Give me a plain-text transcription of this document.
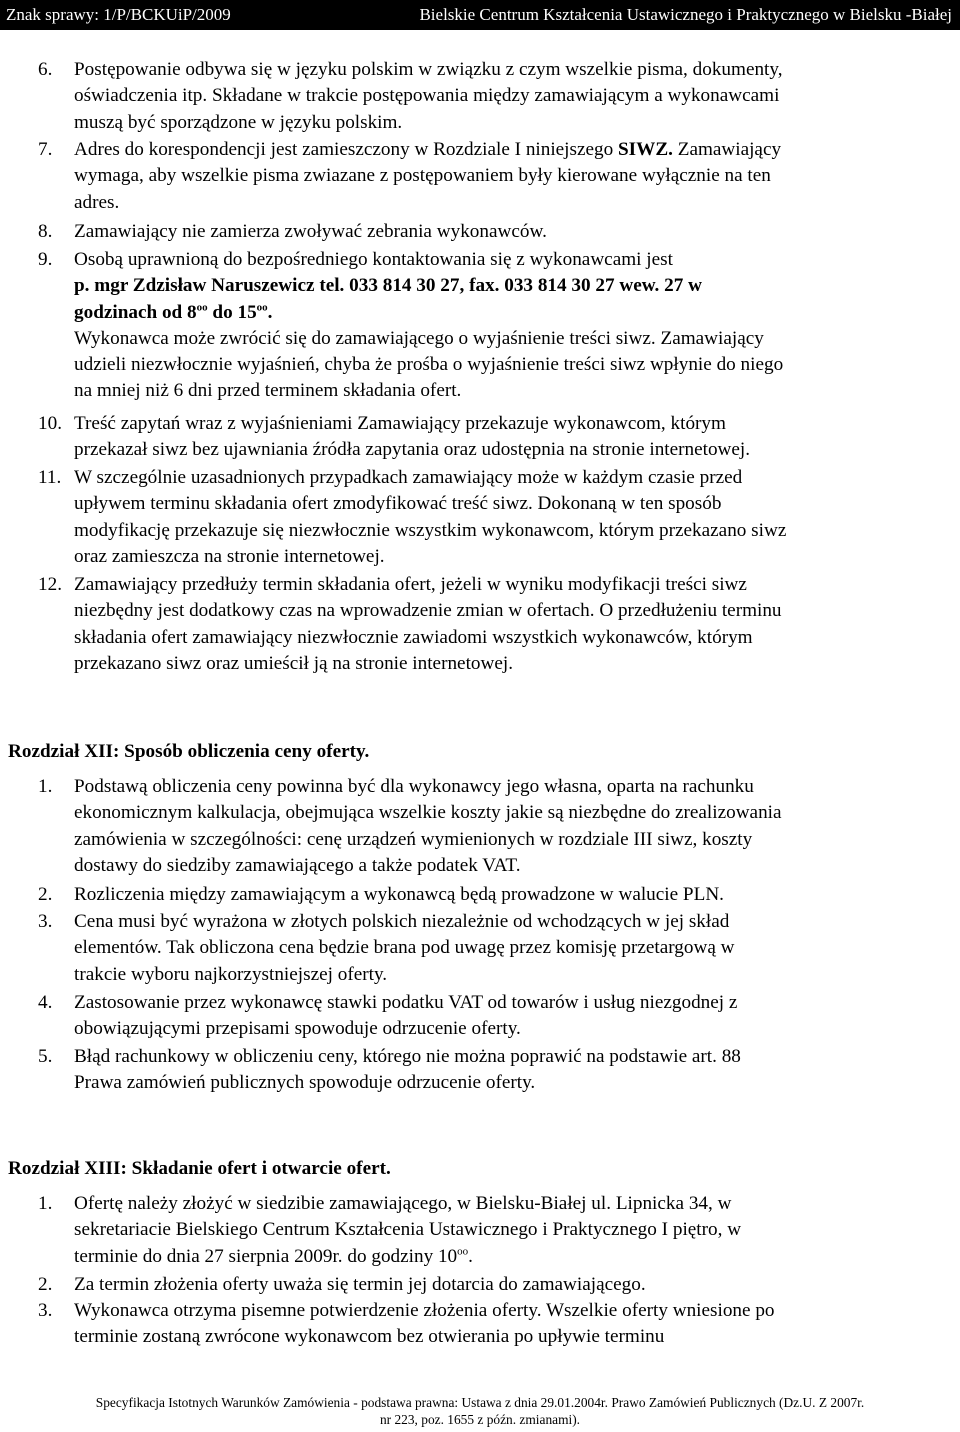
Znak sprawy: 1/P/BCKUiP/2009	Bielskie Centrum Kształcenia Ustawicznego i Praktycznego w Bielsku -Białej
6. Postępowanie odbywa się w języku polskim w związku z czym wszelkie pisma, dokumenty,
oświadczenia itp. Składane w trakcie postępowania między zamawiającym a wykonawcami
muszą być sporządzone w języku polskim.
7. Adres do korespondencji jest zamieszczony w Rozdziale I niniejszego SIWZ. Zamawiający
wymaga, aby wszelkie pisma zwiazane z postępowaniem były kierowane wyłącznie na ten
adres.
8. Zamawiający nie zamierza zwoływać zebrania wykonawców.
9. Osobą uprawnioną do bezpośredniego kontaktowania się z wykonawcami jest
p. mgr Zdzisław Naruszewicz tel. 033 814 30 27, fax. 033 814 30 27 wew. 27 w
godzinach od $8^{oo}$ do $15^{oo}$.
Wykonawca może zwrócić się do zamawiającego o wyjaśnienie treści siwz. Zamawiający
udzieli niezwłocznie wyjaśnień, chyba że prośba o wyjaśnienie treści siwz wpłynie do niego
na mniej niż 6 dni przed terminem składania ofert.
10. Treść zapytań wraz z wyjaśnieniami Zamawiający przekazuje wykonawcom, którym
przekazał siwz bez ujawniania źródła zapytania oraz udostępnia na stronie internetowej.
11. W szczególnie uzasadnionych przypadkach zamawiający może w każdym czasie przed
upływem terminu składania ofert zmodyfikować treść siwz. Dokonaną w ten sposób
modyfikację przekazuje się niezwłocznie wszystkim wykonawcom, którym przekazano siwz
oraz zamieszcza na stronie internetowej.
12. Zamawiający przedłuży termin składania ofert, jeżeli w wyniku modyfikacji treści siwz
niezbędny jest dodatkowy czas na wprowadzenie zmian w ofertach. O przedłużeniu terminu
składania ofert zamawiający niezwłocznie zawiadomi wszystkich wykonawców, którym
przekazano siwz oraz umieścił ją na stronie internetowej.
Rozdział XII: Sposób obliczenia ceny oferty.
1. Podstawą obliczenia ceny powinna być dla wykonawcy jego własna, oparta na rachunku
ekonomicznym kalkulacja, obejmująca wszelkie koszty jakie są niezbędne do zrealizowania
zamówienia w szczególności: cenę urządzeń wymienionych w rozdziale III siwz, koszty
dostawy do siedziby zamawiającego a także podatek VAT.
2. Rozliczenia między zamawiającym a wykonawcą będą prowadzone w walucie PLN.
3. Cena musi być wyrażona w złotych polskich niezależnie od wchodzących w jej skład
elementów. Tak obliczona cena będzie brana pod uwagę przez komisję przetargową w
trakcie wyboru najkorzystniejszej oferty.
4. Zastosowanie przez wykonawcę stawki podatku VAT od towarów i usług niezgodnej z
obowiązującymi przepisami spowoduje odrzucenie oferty.
5. Błąd rachunkowy w obliczeniu ceny, którego nie można poprawić na podstawie art. 88
Prawa zamówień publicznych spowoduje odrzucenie oferty.
Rozdział XIII: Składanie ofert i otwarcie ofert.
1. Ofertę należy złożyć w siedzibie zamawiającego, w Bielsku-Białej ul. Lipnicka 34, w
sekretariacie Bielskiego Centrum Kształcenia Ustawicznego i Praktycznego I piętro, w
terminie do dnia 27 sierpnia 2009r. do godziny $10^{oo}$.
2. Za termin złożenia oferty uważa się termin jej dotarcia do zamawiającego.
3. Wykonawca otrzyma pisemne potwierdzenie złożenia oferty. Wszelkie oferty wniesione po
terminie zostaną zwrócone wykonawcom bez otwierania po upływie terminu
Specyfikacja Istotnych Warunków Zamówienia - podstawa prawna: Ustawa z dnia 29.01.2004r. Prawo Zamówień Publicznych (Dz.U. Z 2007r.
nr 223, poz. 1655 z późn. zmianami).
